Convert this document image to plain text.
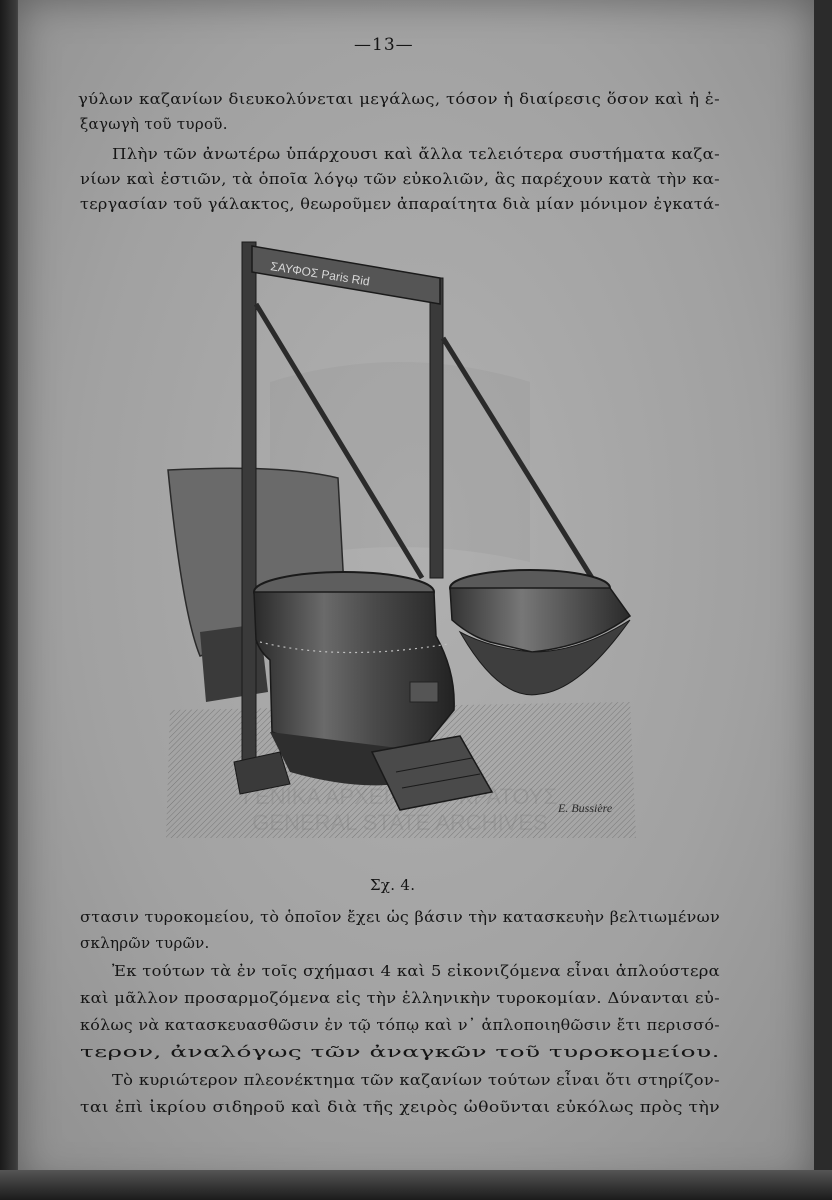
—13—
γύλων καζανίων διευκολύνεται μεγάλως, τόσον ἡ διαίρεσις ὅσον καὶ ἡ ἐ-
ξαγωγὴ τοῦ τυροῦ.
Πλὴν τῶν ἀνωτέρω ὑπάρχουσι καὶ ἄλλα τελειότερα συστήματα καζα-
νίων καὶ ἑστιῶν, τὰ ὁποῖα λόγῳ τῶν εὐκολιῶν, ἃς παρέχουν κατὰ τὴν κα-
τεργασίαν τοῦ γάλακτος, θεωροῦμεν ἀπαραίτητα διὰ μίαν μόνιμον ἐγκατά-
ΣΑΥΦΟΣ Paris Rid
E. Bussière
Σχ. 4.
στασιν τυροκομείου, τὸ ὁποῖον ἔχει ὡς βάσιν τὴν κατασκευὴν βελτιωμένων
σκληρῶν τυρῶν.
Ἐκ τούτων τὰ ἐν τοῖς σχήμασι 4 καὶ 5 εἰκονιζόμενα εἶναι ἁπλούστερα
καὶ μᾶλλον προσαρμοζόμενα εἰς τὴν ἑλληνικὴν τυροκομίαν. Δύνανται εὐ-
κόλως νὰ κατασκευασθῶσιν ἐν τῷ τόπῳ καὶ ν᾽ ἁπλοποιηθῶσιν ἔτι περισσό-
τερον, ἀναλόγως τῶν ἀναγκῶν τοῦ τυροκομείου.
Τὸ κυριώτερον πλεονέκτημα τῶν καζανίων τούτων εἶναι ὅτι στηρίζον-
ται ἐπὶ ἰκρίου σιδηροῦ καὶ διὰ τῆς χειρὸς ὠθοῦνται εὐκόλως πρὸς τὴν
